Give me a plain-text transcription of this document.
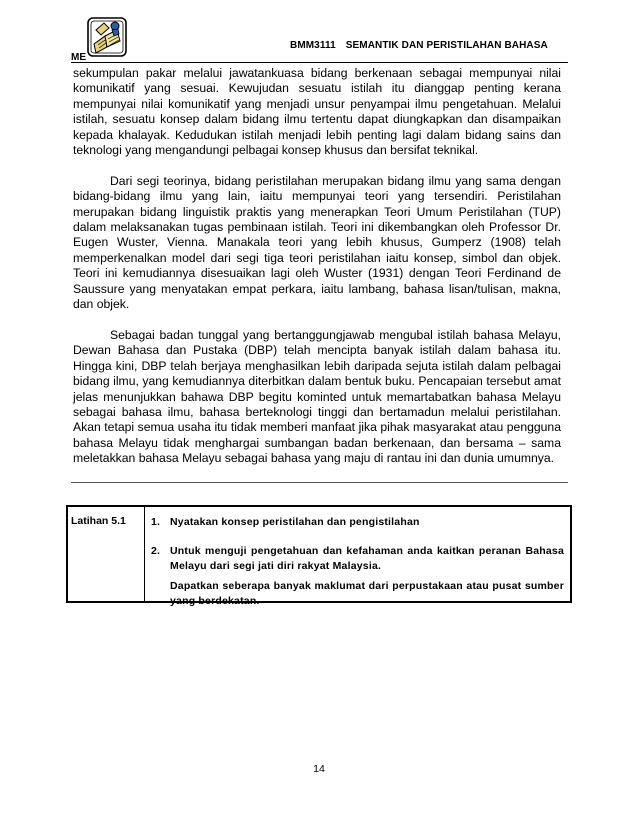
BMM3111 SEMANTIK DAN PERISTILAHAN BAHASA
ME

sekumpulan pakar melalui jawatankuasa bidang berkenaan sebagai mempunyai nilai komunikatif yang sesuai. Kewujudan sesuatu istilah itu dianggap penting kerana mempunyai nilai komunikatif yang menjadi unsur penyampai ilmu pengetahuan. Melalui istilah, sesuatu konsep dalam bidang ilmu tertentu dapat diungkapkan dan disampaikan kepada khalayak. Kedudukan istilah menjadi lebih penting lagi dalam bidang sains dan teknologi yang mengandungi pelbagai konsep khusus dan bersifat teknikal.

Dari segi teorinya, bidang peristilahan merupakan bidang ilmu yang sama dengan bidang-bidang ilmu yang lain, iaitu mempunyai teori yang tersendiri. Peristilahan merupakan bidang linguistik praktis yang menerapkan Teori Umum Peristilahan (TUP) dalam melaksanakan tugas pembinaan istilah. Teori ini dikembangkan oleh Professor Dr. Eugen Wuster, Vienna. Manakala teori yang lebih khusus, Gumperz (1908) telah memperkenalkan model dari segi tiga teori peristilahan iaitu konsep, simbol dan objek. Teori ini kemudiannya disesuaikan lagi oleh Wuster (1931) dengan Teori Ferdinand de Saussure yang menyatakan empat perkara, iaitu lambang, bahasa lisan/tulisan, makna, dan objek.

Sebagai badan tunggal yang bertanggungjawab mengubal istilah bahasa Melayu, Dewan Bahasa dan Pustaka (DBP) telah mencipta banyak istilah dalam bahasa itu. Hingga kini, DBP telah berjaya menghasilkan lebih daripada sejuta istilah dalam pelbagai bidang ilmu, yang kemudiannya diterbitkan dalam bentuk buku. Pencapaian tersebut amat jelas menunjukkan bahawa DBP begitu kominted untuk memartabatkan bahasa Melayu sebagai bahasa ilmu, bahasa berteknologi tinggi dan bertamadun melalui peristilahan. Akan tetapi semua usaha itu tidak memberi manfaat jika pihak masyarakat atau pengguna bahasa Melayu tidak menghargai sumbangan badan berkenaan, dan bersama – sama meletakkan bahasa Melayu sebagai bahasa yang maju di rantau ini dan dunia umumnya.

Latihan 5.1 1. Nyatakan konsep peristilahan dan pengistilahan
2. Untuk menguji pengetahuan dan kefahaman anda kaitkan peranan Bahasa Melayu dari segi jati diri rakyat Malaysia.
Dapatkan seberapa banyak maklumat dari perpustakaan atau pusat sumber yang berdekatan.
14
